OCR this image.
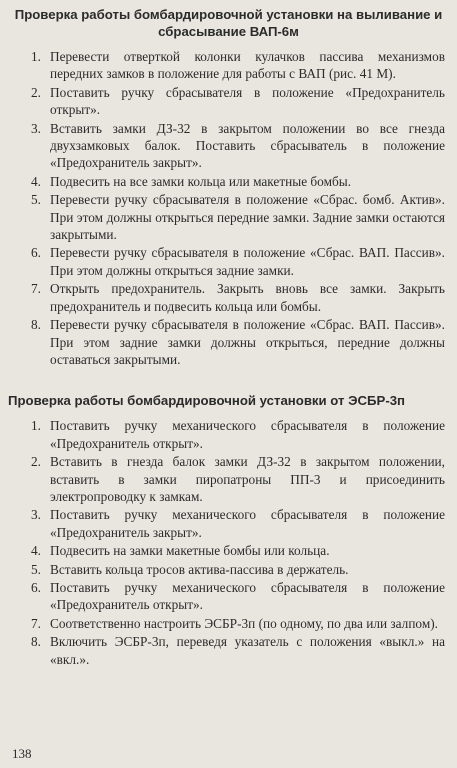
Проверка работы бомбардировочной установки на выливание и
сбрасывание ВАП-6м
1. Перевести отверткой колонки кулачков пассива механизмов передних замков в положение для работы с ВАП (рис. 41 М).
2. Поставить ручку сбрасывателя в положение «Предохранитель открыт».
3. Вставить замки ДЗ-32 в закрытом положении во все гнезда двухзамковых балок. Поставить сбрасыватель в положение «Предохранитель закрыт».
4. Подвесить на все замки кольца или макетные бомбы.
5. Перевести ручку сбрасывателя в положение «Сбрас. бомб. Актив». При этом должны открыться передние замки. Задние замки остаются закрытыми.
6. Перевести ручку сбрасывателя в положение «Сбрас. ВАП. Пассив». При этом должны открыться задние замки.
7. Открыть предохранитель. Закрыть вновь все замки. Закрыть предохранитель и подвесить кольца или бомбы.
8. Перевести ручку сбрасывателя в положение «Сбрас. ВАП. Пассив». При этом задние замки должны открыться, передние должны оставаться закрытыми.
Проверка работы бомбардировочной установки от ЭСБР-3п
1. Поставить ручку механического сбрасывателя в положение «Предохранитель открыт».
2. Вставить в гнезда балок замки ДЗ-32 в закрытом положении, вставить в замки пиропатроны ПП-3 и присоединить электропроводку к замкам.
3. Поставить ручку механического сбрасывателя в положение «Предохранитель закрыт».
4. Подвесить на замки макетные бомбы или кольца.
5. Вставить кольца тросов актива-пассива в держатель.
6. Поставить ручку механического сбрасывателя в положение «Предохранитель открыт».
7. Соответственно настроить ЭСБР-3п (по одному, по два или залпом).
8. Включить ЭСБР-3п, переведя указатель с положения «выкл.» на «вкл.».
138
